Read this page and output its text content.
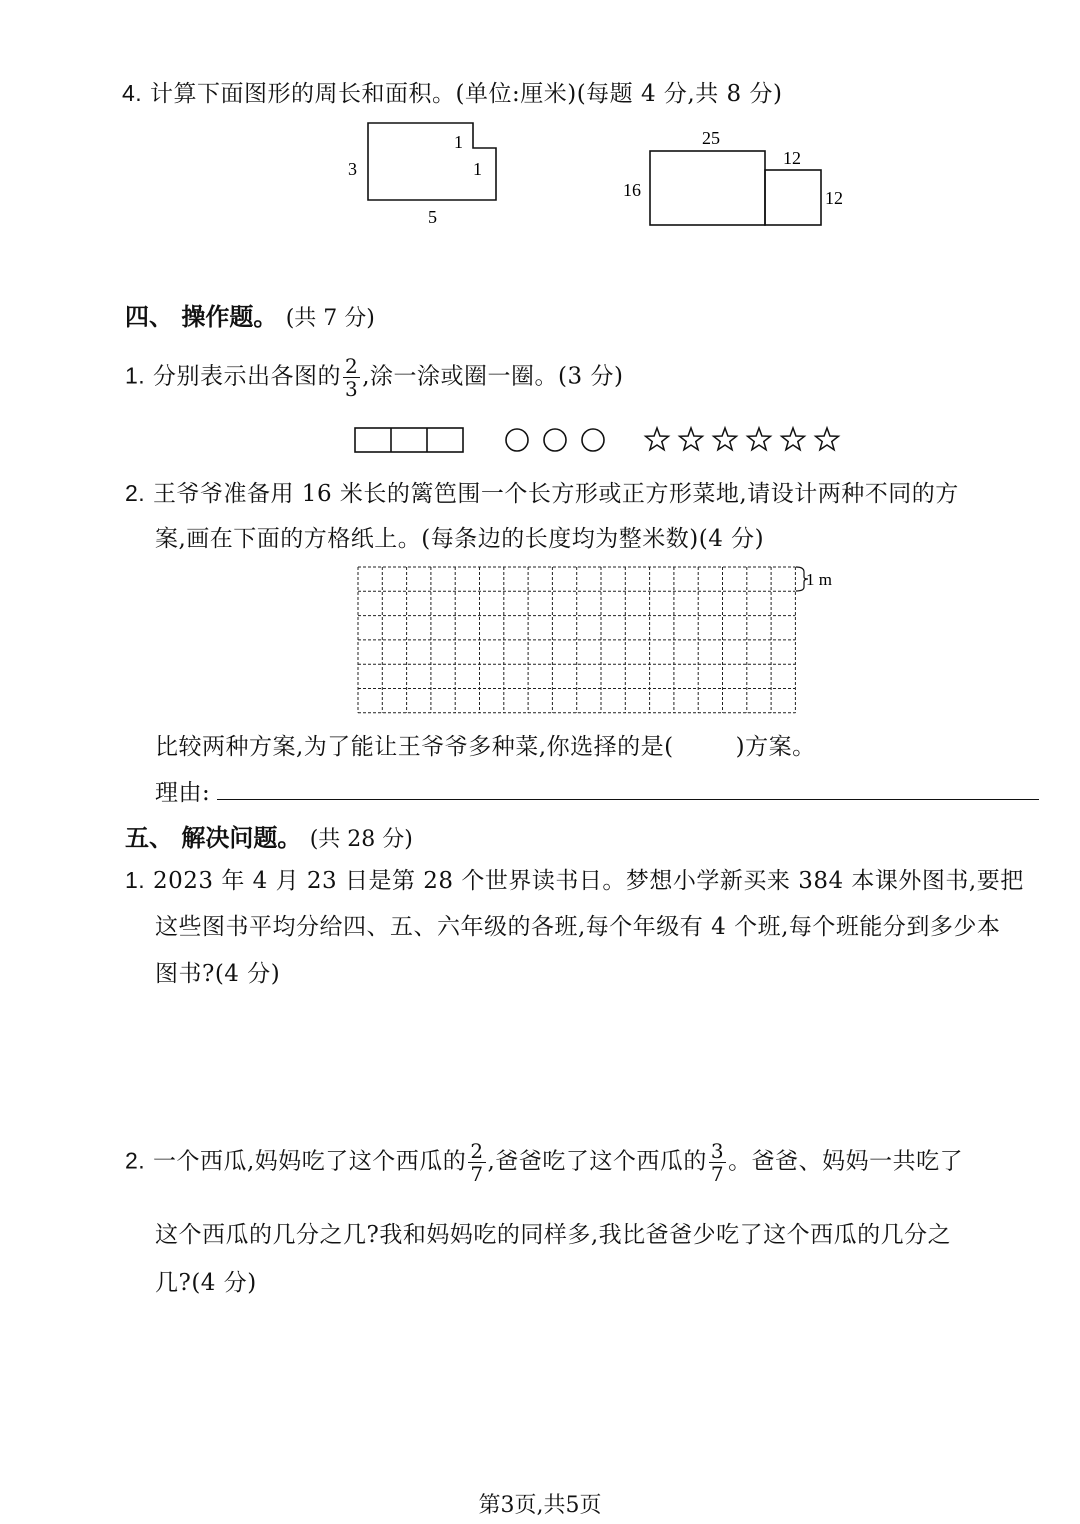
4. 计算下面图形的周长和面积。(单位:厘米)(每题 4 分,共 8 分)
3
5
1
1
25
16
12
12
四、 操作题。 (共 7 分)
1. 分别表示出各图的 $\frac{2}{3}$ ,涂一涂或圈一圈。(3 分)
2. 王爷爷准备用 16 米长的篱笆围一个长方形或正方形菜地,请设计两种不同的方
案,画在下面的方格纸上。(每条边的长度均为整米数)(4 分)
1 m
比较两种方案,为了能让王爷爷多种菜,你选择的是(	)方案。
理由:
五、 解决问题。 (共 28 分)
1. 2023 年 4 月 23 日是第 28 个世界读书日。梦想小学新买来 384 本课外图书,要把
这些图书平均分给四、五、六年级的各班,每个年级有 4 个班,每个班能分到多少本
图书?(4 分)
2. 一个西瓜,妈妈吃了这个西瓜的 $\frac{2}{7}$ ,爸爸吃了这个西瓜的 $\frac{3}{7}$ 。爸爸、妈妈一共吃了
这个西瓜的几分之几?我和妈妈吃的同样多,我比爸爸少吃了这个西瓜的几分之
几?(4 分)
第3页,共5页
